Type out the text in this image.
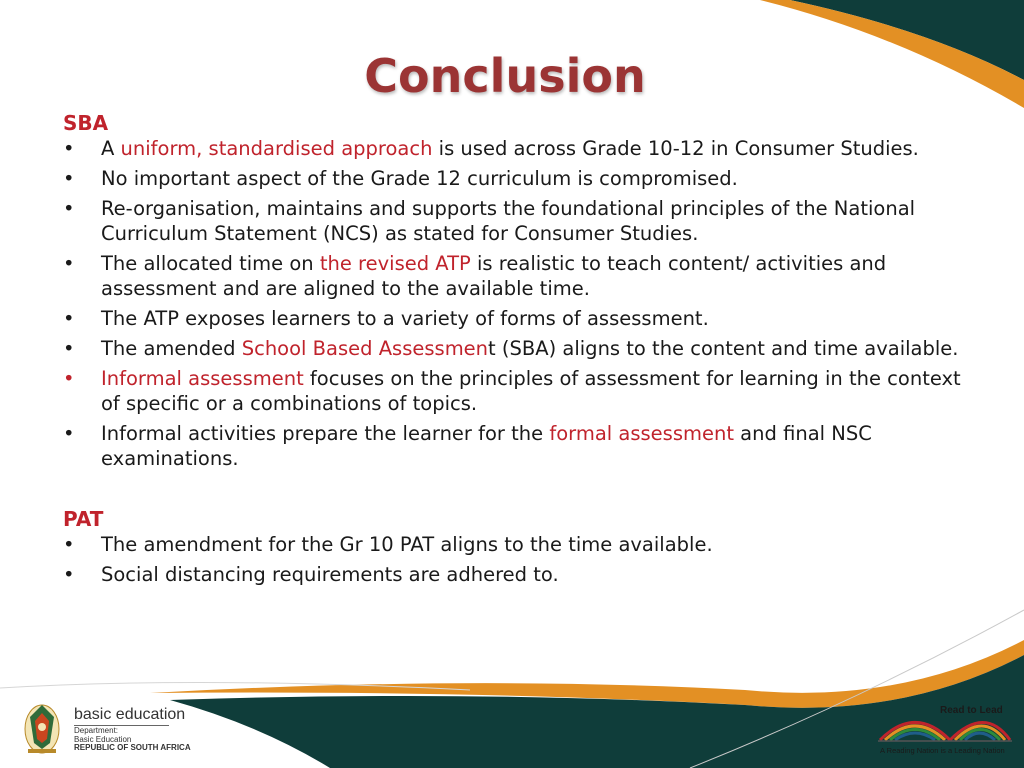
Conclusion
SBA
• A uniform, standardised approach is used across Grade 10-12 in Consumer Studies.
• No important aspect of the Grade 12 curriculum is compromised.
• Re-organisation, maintains and supports the foundational principles of the National Curriculum Statement (NCS) as stated for Consumer Studies.
• The allocated time on the revised ATP is realistic to teach content/ activities and assessment and are aligned to the available time.
• The ATP exposes learners to a variety of forms of assessment.
• The amended School Based Assessment (SBA) aligns to the content and time available.
• Informal assessment focuses on the principles of assessment for learning in the context of specific or a combinations of topics.
• Informal activities prepare the learner for the formal assessment and final NSC examinations.
PAT
• The amendment for the Gr 10 PAT aligns to the time available.
• Social distancing requirements are adhered to.
basic education
Department:
Basic Education
REPUBLIC OF SOUTH AFRICA
Read to Lead
A Reading Nation is a Leading Nation
